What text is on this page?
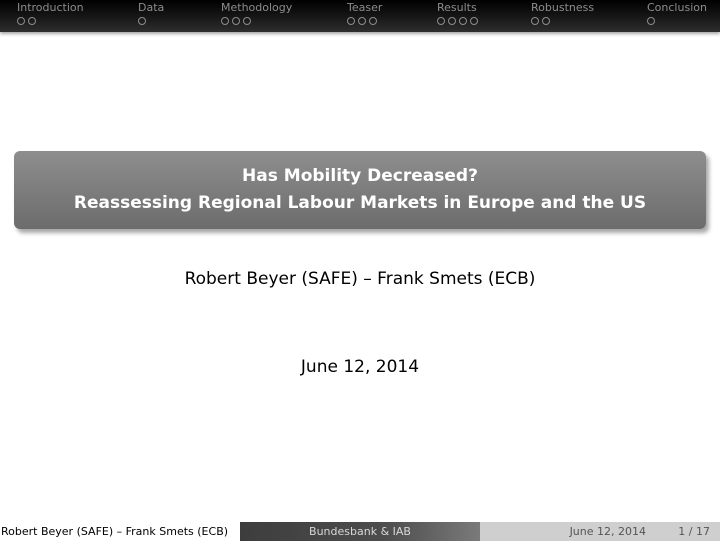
Introduction	Data	Methodology	Teaser	Results	Robustness	Conclusion
Has Mobility Decreased?
Reassessing Regional Labour Markets in Europe and the US
Robert Beyer (SAFE) – Frank Smets (ECB)
June 12, 2014
Robert Beyer (SAFE) – Frank Smets (ECB)	Bundesbank & IAB	June 12, 2014	1 / 17
